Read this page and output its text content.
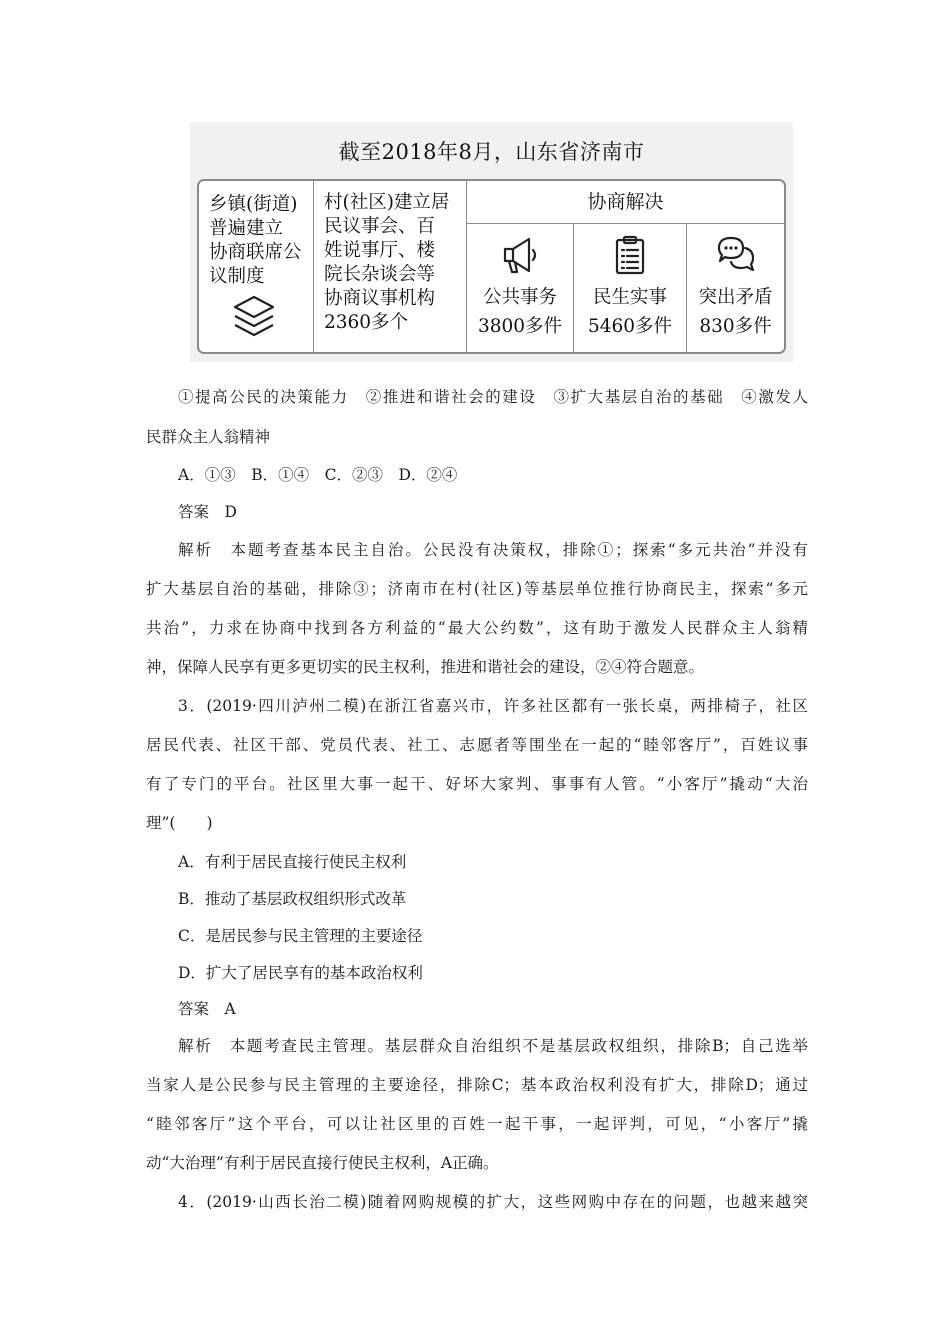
截至2018年8月，山东省济南市
乡镇(街道)
普遍建立
协商联席公
议制度
村(社区)建立居
民议事会、百
姓说事厅、楼
院长杂谈会等
协商议事机构
2360多个
协商解决
公共事务
3800多件
民生实事
5460多件
突出矛盾
830多件
①提高公民的决策能力　②推进和谐社会的建设　③扩大基层自治的基础　④激发人
民群众主人翁精神
A．①③　B．①④　C．②③　D．②④
答案　D
解析　本题考查基本民主自治。公民没有决策权，排除①；探索“多元共治”并没有
扩大基层自治的基础，排除③；济南市在村(社区)等基层单位推行协商民主，探索“多元
共治”，力求在协商中找到各方利益的“最大公约数”，这有助于激发人民群众主人翁精
神，保障人民享有更多更切实的民主权利，推进和谐社会的建设，②④符合题意。
3．(2019·四川泸州二模)在浙江省嘉兴市，许多社区都有一张长桌，两排椅子，社区
居民代表、社区干部、党员代表、社工、志愿者等围坐在一起的“睦邻客厅”，百姓议事
有了专门的平台。社区里大事一起干、好坏大家判、事事有人管。“小客厅”撬动“大治
理”(　　)
A．有利于居民直接行使民主权利
B．推动了基层政权组织形式改革
C．是居民参与民主管理的主要途径
D．扩大了居民享有的基本政治权利
答案　A
解析　本题考查民主管理。基层群众自治组织不是基层政权组织，排除B；自己选举
当家人是公民参与民主管理的主要途径，排除C；基本政治权利没有扩大，排除D；通过
“睦邻客厅”这个平台，可以让社区里的百姓一起干事，一起评判，可见，“小客厅”撬
动“大治理”有利于居民直接行使民主权利，A正确。
4．(2019·山西长治二模)随着网购规模的扩大，这些网购中存在的问题，也越来越突
